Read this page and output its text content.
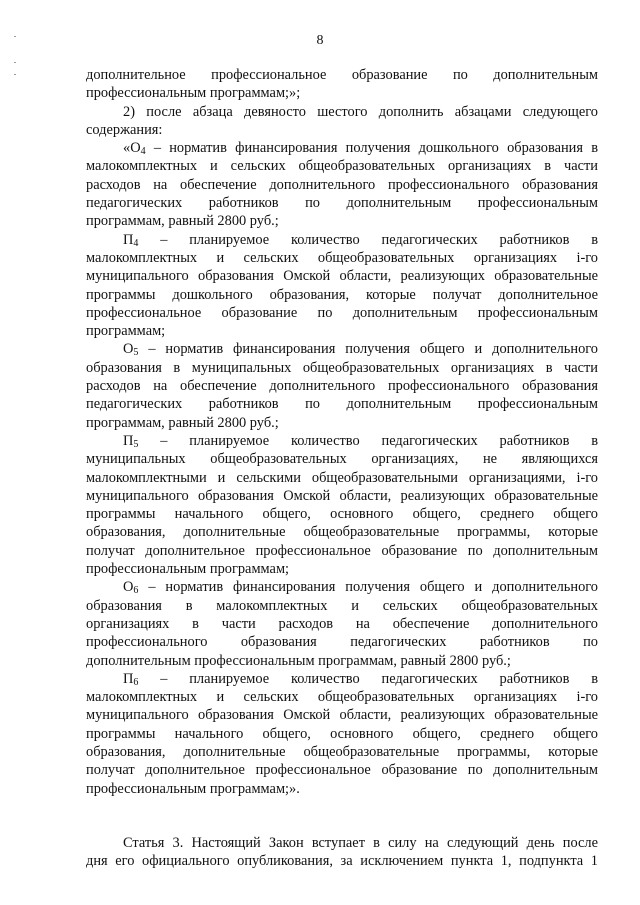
8
дополнительное профессиональное образование по дополнительным
профессиональным программам;»;
2) после абзаца девяносто шестого дополнить абзацами следующего
содержания:
«$О_4$ – норматив финансирования получения дошкольного образования в
малокомплектных и сельских общеобразовательных организациях в части
расходов на обеспечение дополнительного профессионального образования
педагогических работников по дополнительным профессиональным
программам, равный 2800 руб.;
$П_4$ – планируемое количество педагогических работников в
малокомплектных и сельских общеобразовательных организациях i-го
муниципального образования Омской области, реализующих образовательные
программы дошкольного образования, которые получат дополнительное
профессиональное образование по дополнительным профессиональным
программам;
$О_5$ – норматив финансирования получения общего и дополнительного
образования в муниципальных общеобразовательных организациях в части
расходов на обеспечение дополнительного профессионального образования
педагогических работников по дополнительным профессиональным
программам, равный 2800 руб.;
$П_5$ – планируемое количество педагогических работников в
муниципальных общеобразовательных организациях, не являющихся
малокомплектными и сельскими общеобразовательными организациями, i-го
муниципального образования Омской области, реализующих образовательные
программы начального общего, основного общего, среднего общего
образования, дополнительные общеобразовательные программы, которые
получат дополнительное профессиональное образование по дополнительным
профессиональным программам;
$О_6$ – норматив финансирования получения общего и дополнительного
образования в малокомплектных и сельских общеобразовательных
организациях в части расходов на обеспечение дополнительного
профессионального образования педагогических работников по
дополнительным профессиональным программам, равный 2800 руб.;
$П_6$ – планируемое количество педагогических работников в
малокомплектных и сельских общеобразовательных организациях i-го
муниципального образования Омской области, реализующих образовательные
программы начального общего, основного общего, среднего общего
образования, дополнительные общеобразовательные программы, которые
получат дополнительное профессиональное образование по дополнительным
профессиональным программам;».
Статья 3. Настоящий Закон вступает в силу на следующий день после
дня его официального опубликования, за исключением пункта 1, подпункта 1
